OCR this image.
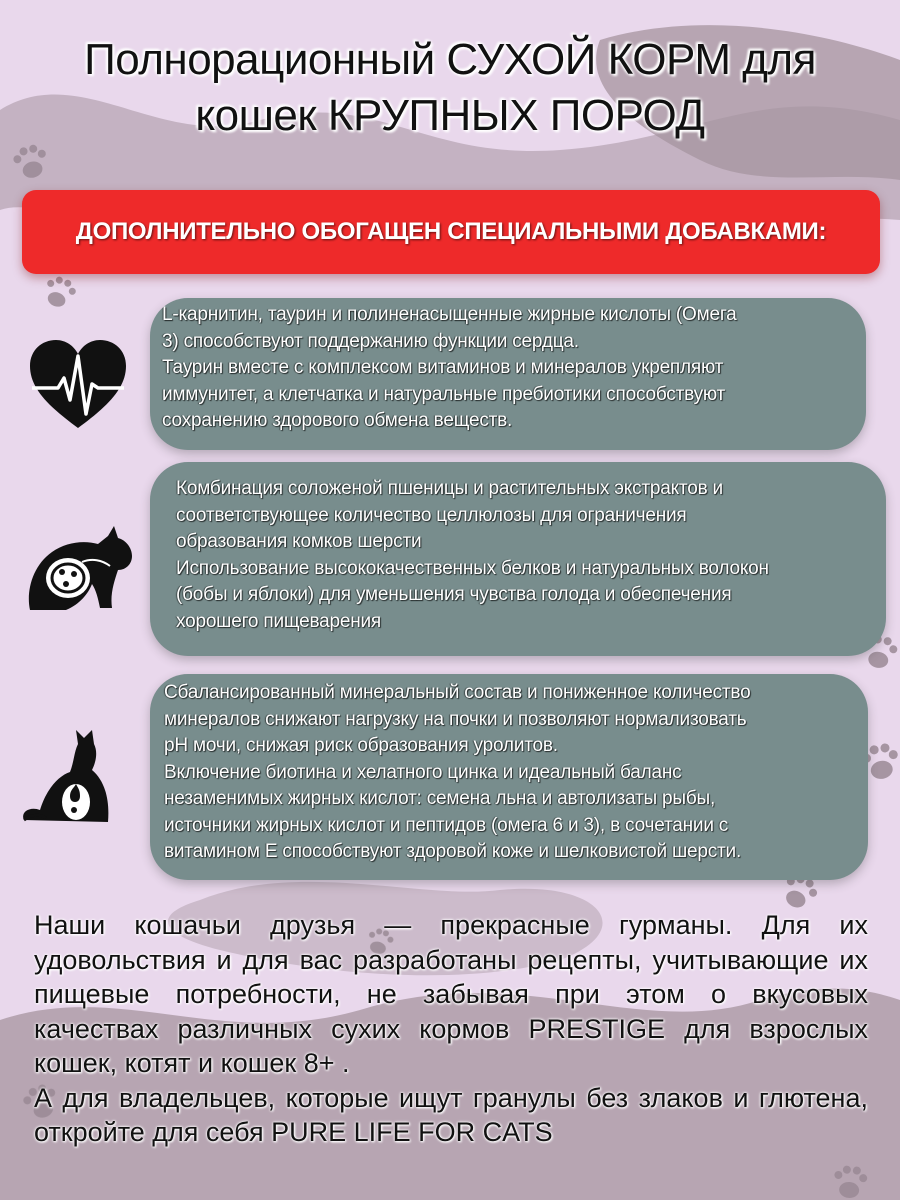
Полнорационный СУХОЙ КОРМ для
кошек КРУПНЫХ ПОРОД
ДОПОЛНИТЕЛЬНО ОБОГАЩЕН СПЕЦИАЛЬНЫМИ ДОБАВКАМИ:

L-карнитин, таурин и полиненасыщенные жирные кислоты (Омега

3) способствуют поддержанию функции сердца.

Таурин вместе с комплексом витаминов и минералов укрепляют

иммунитет, а клетчатка и натуральные пребиотики способствуют

сохранению здорового обмена веществ.

Комбинация соложеной пшеницы и растительных экстрактов и

соответствующее количество целлюлозы для ограничения

образования комков шерсти

Использование высококачественных белков и натуральных волокон

(бобы и яблоки) для уменьшения чувства голода и обеспечения

хорошего пищеварения

Сбалансированный минеральный состав и пониженное количество

минералов снижают нагрузку на почки и позволяют нормализовать

pH мочи, снижая риск образования уролитов.

Включение биотина и хелатного цинка и идеальный баланс

незаменимых жирных кислот: семена льна и автолизаты рыбы,

источники жирных кислот и пептидов (омега 6 и 3), в сочетании с

витамином Е способствуют здоровой коже и шелковистой шерсти.

Наши кошачьи друзья — прекрасные гурманы. Для их удовольствия и для вас разработаны рецепты, учитывающие их пищевые потребности, не забывая при этом о вкусовых качествах различных сухих кормов PRESTIGE для взрослых кошек, котят и кошек 8+ .

А для владельцев, которые ищут гранулы без злаков и глютена, откройте для себя PURE LIFE FOR CATS
